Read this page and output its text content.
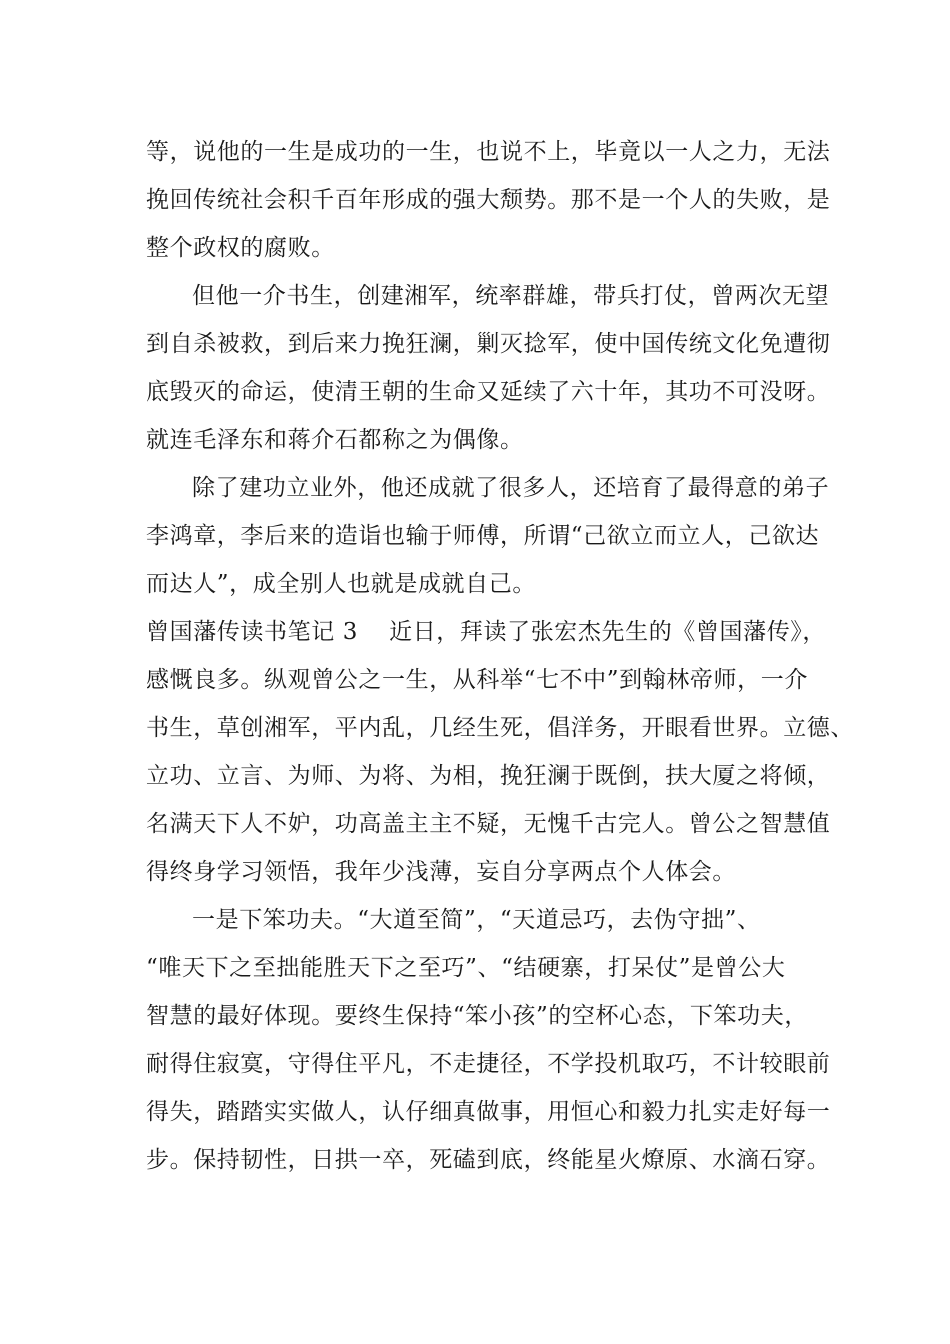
等，说他的一生是成功的一生，也说不上，毕竟以一人之力，无法
挽回传统社会积千百年形成的强大颓势。那不是一个人的失败，是
整个政权的腐败。
但他一介书生，创建湘军，统率群雄，带兵打仗，曾两次无望
到自杀被救，到后来力挽狂澜，剿灭捻军，使中国传统文化免遭彻
底毁灭的命运，使清王朝的生命又延续了六十年，其功不可没呀。
就连毛泽东和蒋介石都称之为偶像。
除了建功立业外，他还成就了很多人，还培育了最得意的弟子
李鸿章，李后来的造诣也输于师傅，所谓“己欲立而立人，己欲达
而达人”，成全别人也就是成就自己。
曾国藩传读书笔记 3 近日，拜读了张宏杰先生的《曾国藩传》，
感慨良多。纵观曾公之一生，从科举“七不中”到翰林帝师，一介
书生，草创湘军，平内乱，几经生死，倡洋务，开眼看世界。立德、
立功、立言、为师、为将、为相，挽狂澜于既倒，扶大厦之将倾，
名满天下人不妒，功高盖主主不疑，无愧千古完人。曾公之智慧值
得终身学习领悟，我年少浅薄，妄自分享两点个人体会。
一是下笨功夫。“大道至简”，“天道忌巧，去伪守拙”、
“唯天下之至拙能胜天下之至巧”、“结硬寨，打呆仗”是曾公大
智慧的最好体现。要终生保持“笨小孩”的空杯心态，下笨功夫，
耐得住寂寞，守得住平凡，不走捷径，不学投机取巧，不计较眼前
得失，踏踏实实做人，认仔细真做事，用恒心和毅力扎实走好每一
步。保持韧性，日拱一卒，死磕到底，终能星火燎原、水滴石穿。
